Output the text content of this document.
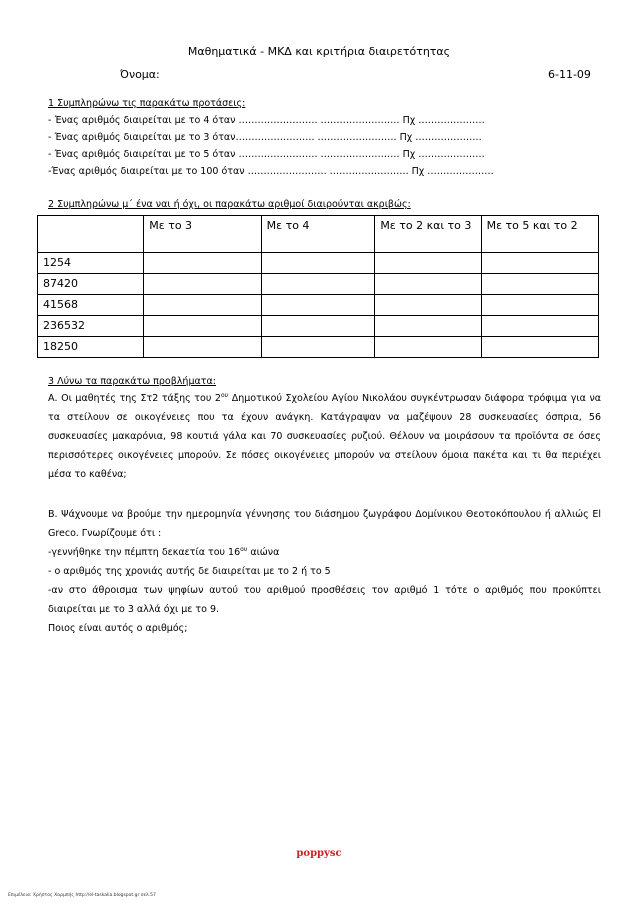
Μαθηματικά - ΜΚΔ και κριτήρια διαιρετότητας
Όνομα:	6-11-09
1 Συμπληρώνω τις παρακάτω προτάσεις:
- Ένας αριθμός διαιρείται με το 4 όταν ……………………. ……………………. Πχ …………………
- Ένας αριθμός διαιρείται με το 3 όταν……………………. ……………………. Πχ …………………
- Ένας αριθμός διαιρείται με το 5 όταν ……………………. ……………………. Πχ …………………
-Ένας αριθμός διαιρείται με το 100 όταν ……………………. ……………………. Πχ …………………
2 Συμπληρώνω μ΄ ένα ναι ή όχι, οι παρακάτω αριθμοί διαιρούνται ακριβώς:
	Με το 3	Με το 4	Με το 2 και το 3	Με το 5 και το 2
1254				
87420				
41568				
236532				
18250				
3 Λύνω τα παρακάτω προβλήματα:

Α. Οι μαθητές της Στ2 τάξης του $2^{o\upsilon}$ Δημοτικού Σχολείου Αγίου Νικολάου συγκέντρωσαν διάφορα τρόφιμα για να τα στείλουν σε οικογένειες που τα έχουν ανάγκη. Κατάγραψαν να μαζέψουν 28 συσκευασίες όσπρια, 56 συσκευασίες μακαρόνια, 98 κουτιά γάλα και 70 συσκευασίες ρυζιού. Θέλουν να μοιράσουν τα προϊόντα σε όσες περισσότερες οικογένειες μπορούν. Σε πόσες οικογένειες μπορούν να στείλουν όμοια πακέτα και τι θα περιέχει μέσα το καθένα;

Β. Ψάχνουμε να βρούμε την ημερομηνία γέννησης του διάσημου ζωγράφου Δομίνικου Θεοτοκόπουλου ή αλλιώς El Greco. Γνωρίζουμε ότι :

-γεννήθηκε την πέμπτη δεκαετία του $16^{o\upsilon}$ αιώνα

- ο αριθμός της χρονιάς αυτής δε διαιρείται με το 2 ή το 5

-αν στο άθροισμα των ψηφίων αυτού του αριθμού προσθέσεις τον αριθμό 1 τότε ο αριθμός που προκύπτει διαιρείται με το 3 αλλά όχι με το 9.

Ποιος είναι αυτός ο αριθμός;

poppysc
Επιμέλεια: Χρήστος Χαρμπής http://el-taskalia.blogspot.gr σελ.57
